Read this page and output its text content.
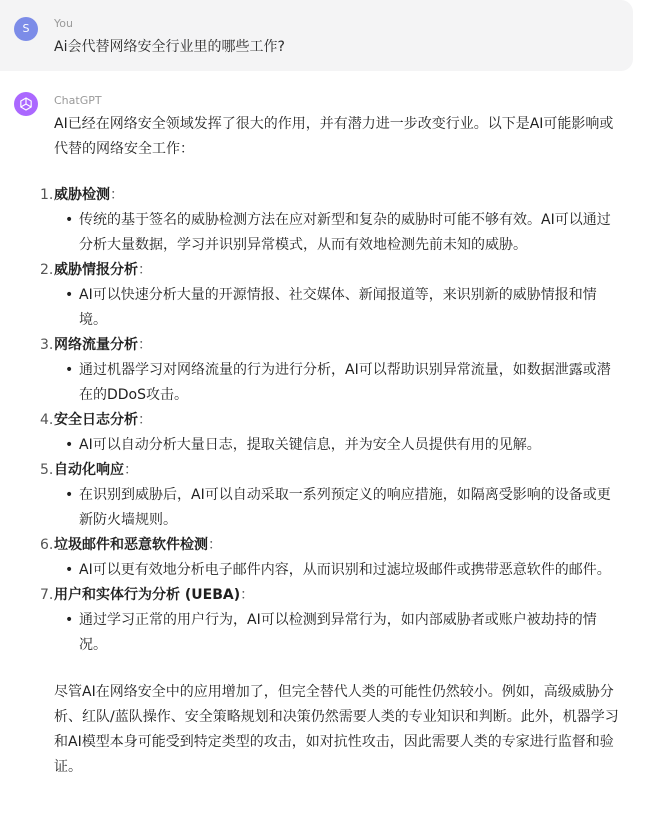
S	You
Ai会代替网络安全行业里的哪些工作?
ChatGPT

AI已经在网络安全领域发挥了很大的作用，并有潜力进一步改变行业。以下是AI可能影响或代替的网络安全工作：

1. 威胁检测：
• 传统的基于签名的威胁检测方法在应对新型和复杂的威胁时可能不够有效。AI可以通过分析大量数据，学习并识别异常模式，从而有效地检测先前未知的威胁。
2. 威胁情报分析：
• AI可以快速分析大量的开源情报、社交媒体、新闻报道等，来识别新的威胁情报和情境。
3. 网络流量分析：
• 通过机器学习对网络流量的行为进行分析，AI可以帮助识别异常流量，如数据泄露或潜在的DDoS攻击。
4. 安全日志分析：
• AI可以自动分析大量日志，提取关键信息，并为安全人员提供有用的见解。
5. 自动化响应：
• 在识别到威胁后，AI可以自动采取一系列预定义的响应措施，如隔离受影响的设备或更新防火墙规则。
6. 垃圾邮件和恶意软件检测：
• AI可以更有效地分析电子邮件内容，从而识别和过滤垃圾邮件或携带恶意软件的邮件。
7. 用户和实体行为分析 (UEBA)：
• 通过学习正常的用户行为，AI可以检测到异常行为，如内部威胁者或账户被劫持的情况。

尽管AI在网络安全中的应用增加了，但完全替代人类的可能性仍然较小。例如，高级威胁分析、红队/蓝队操作、安全策略规划和决策仍然需要人类的专业知识和判断。此外，机器学习和AI模型本身可能受到特定类型的攻击，如对抗性攻击，因此需要人类的专家进行监督和验证。
